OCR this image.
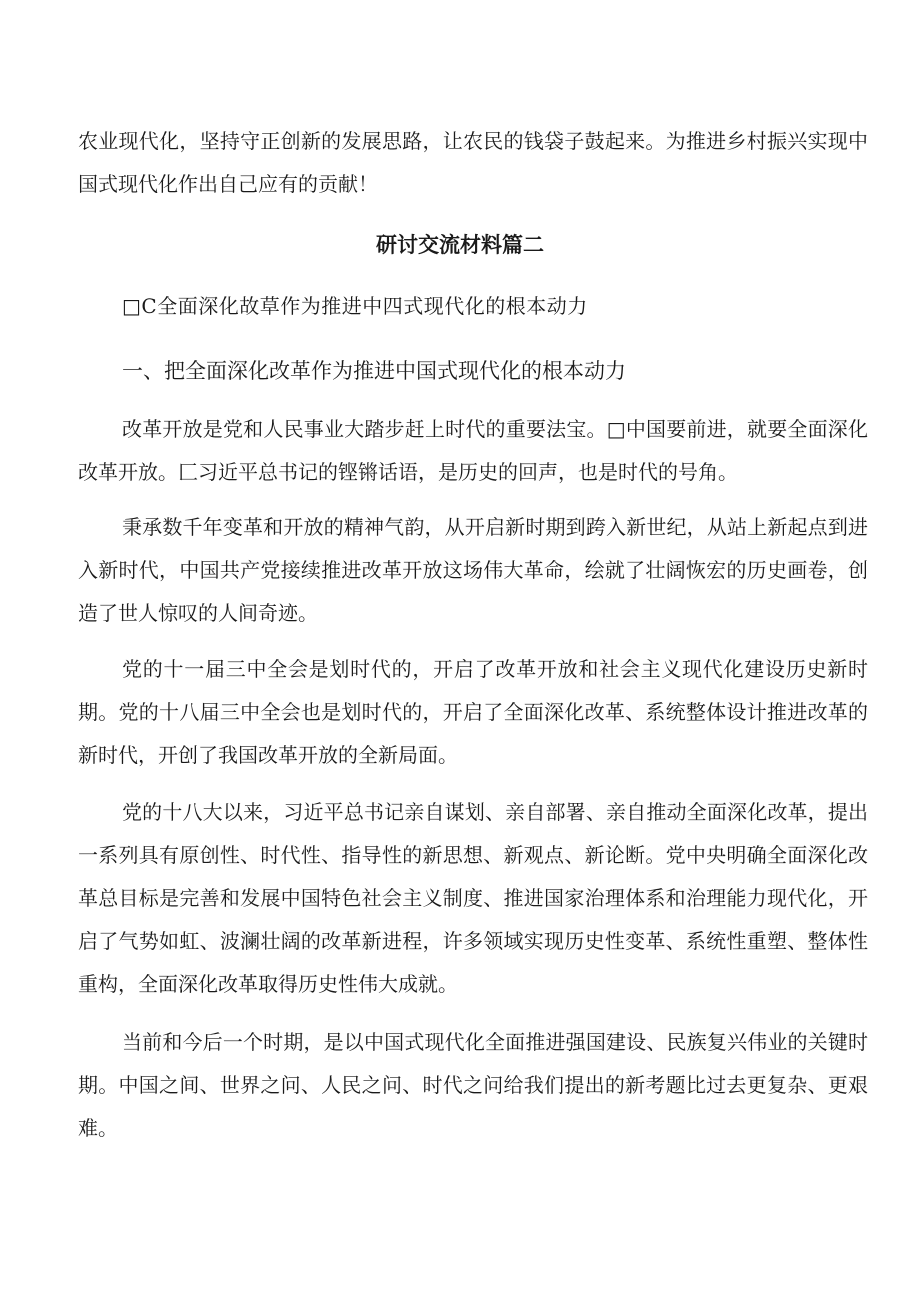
农业现代化，坚持守正创新的发展思路，让农民的钱袋子鼓起来。为推进乡村振兴实现中国式现代化作出自己应有的贡献！

研讨交流材料篇二

□C全面深化故草作为推进中四式现代化的根本动力

一、把全面深化改革作为推进中国式现代化的根本动力

改革开放是党和人民事业大踏步赶上时代的重要法宝。□中国要前进，就要全面深化改革开放。匚习近平总书记的铿锵话语，是历史的回声，也是时代的号角。

秉承数千年变革和开放的精神气韵，从开启新时期到跨入新世纪，从站上新起点到进入新时代，中国共产党接续推进改革开放这场伟大革命，绘就了壮阔恢宏的历史画卷，创造了世人惊叹的人间奇迹。

党的十一届三中全会是划时代的，开启了改革开放和社会主义现代化建设历史新时期。党的十八届三中全会也是划时代的，开启了全面深化改革、系统整体设计推进改革的新时代，开创了我国改革开放的全新局面。

党的十八大以来，习近平总书记亲自谋划、亲自部署、亲自推动全面深化改革，提出一系列具有原创性、时代性、指导性的新思想、新观点、新论断。党中央明确全面深化改革总目标是完善和发展中国特色社会主义制度、推进国家治理体系和治理能力现代化，开启了气势如虹、波澜壮阔的改革新进程，许多领域实现历史性变革、系统性重塑、整体性重构，全面深化改革取得历史性伟大成就。

当前和今后一个时期，是以中国式现代化全面推进强国建设、民族复兴伟业的关键时期。中国之间、世界之问、人民之问、时代之问给我们提出的新考题比过去更复杂、更艰难。
